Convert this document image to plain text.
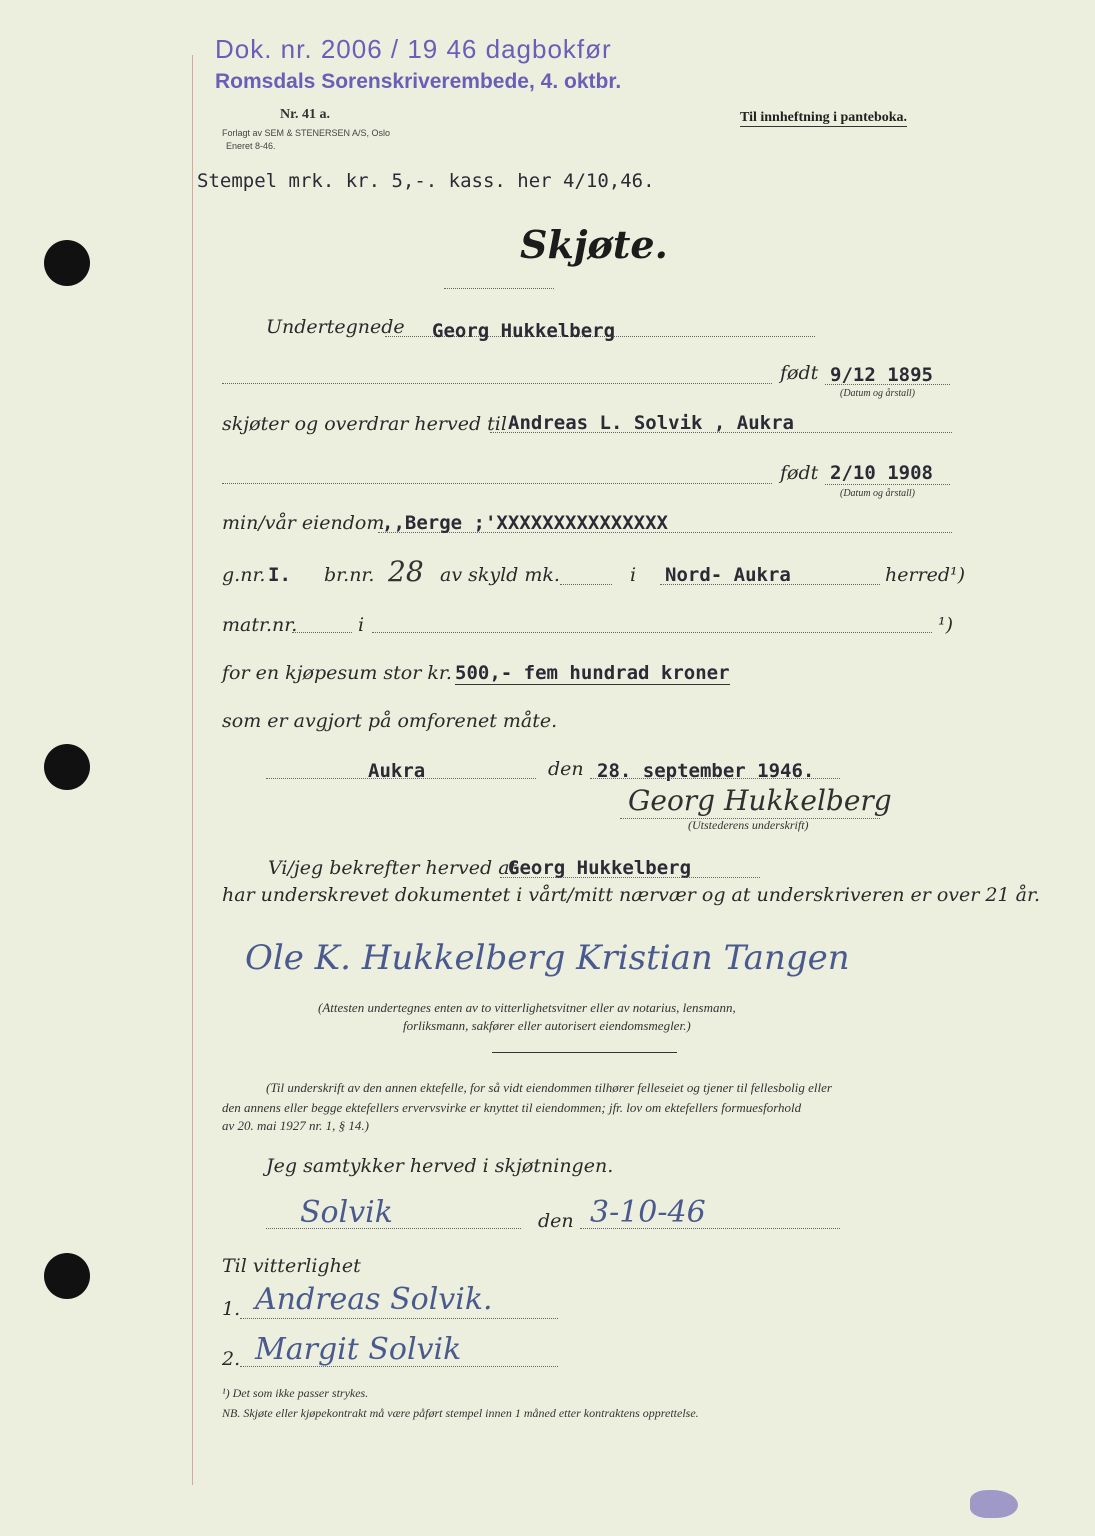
Dok. nr. 2006 / 19 46 dagbokfør
Romsdals Sorenskriverembede, 4. oktbr.
Nr. 41 a.
Forlagt av SEM & STENERSEN A/S, Oslo
Eneret 8-46.
Til innheftning i panteboka.
Stempel mrk. kr. 5,-. kass. her 4/10,46.
Skjøte.
Undertegnede Georg Hukkelberg
født 9/12 1895
(Datum og årstall)
skjøter og overdrar herved til Andreas L. Solvik , Aukra
født 2/10 1908
(Datum og årstall)
min/vår eiendom
,,Berge ;'XXXXXXXXXXXXXXX
g.nr. I. br.nr. 28 av skyld mk.	i Nord- Aukra	herred¹)
matr.nr.	i	¹)
for en kjøpesum stor kr. 500,- fem hundrad kroner
som er avgjort på omforenet måte.
Aukra	den 28. september 1946.
Georg Hukkelberg
(Utstederens underskrift)
Vi/jeg bekrefter herved at
Georg Hukkelberg
har underskrevet dokumentet i vårt/mitt nærvær og at underskriveren er over 21 år.
Ole K. Hukkelberg Kristian Tangen
(Attesten undertegnes enten av to vitterlighetsvitner eller av notarius, lensmann,
forliksmann, sakfører eller autorisert eiendomsmegler.)
(Til underskrift av den annen ektefelle, for så vidt eiendommen tilhører felleseiet og tjener til fellesbolig eller
den annens eller begge ektefellers ervervsvirke er knyttet til eiendommen; jfr. lov om ektefellers formuesforhold
av 20. mai 1927 nr. 1, § 14.)
Jeg samtykker herved i skjøtningen.
Solvik	den 3-10-46
Til vitterlighet
1. Andreas Solvik.
2. Margit Solvik
¹) Det som ikke passer strykes.
NB. Skjøte eller kjøpekontrakt må være påført stempel innen 1 måned etter kontraktens opprettelse.
